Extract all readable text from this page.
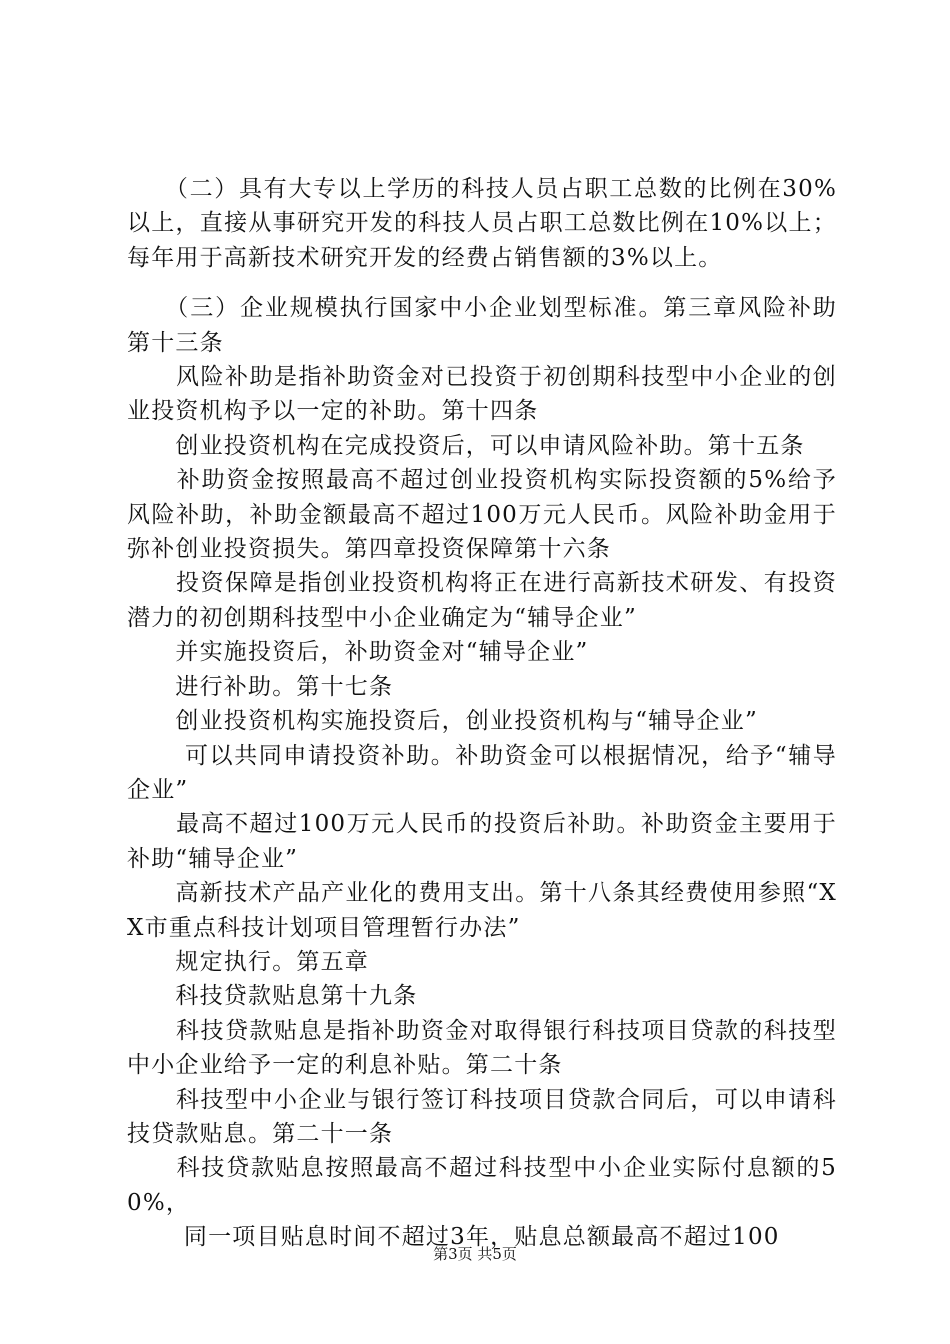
　　（二）具有大专以上学历的科技人员占职工总数的比例在30%以上，直接从事研究开发的科技人员占职工总数比例在10%以上；每年用于高新技术研究开发的经费占销售额的3%以上。

　　（三）企业规模执行国家中小企业划型标准。第三章风险补助第十三条

　　风险补助是指补助资金对已投资于初创期科技型中小企业的创业投资机构予以一定的补助。第十四条

　　创业投资机构在完成投资后，可以申请风险补助。第十五条

　　补助资金按照最高不超过创业投资机构实际投资额的5%给予风险补助，补助金额最高不超过100万元人民币。风险补助金用于弥补创业投资损失。第四章投资保障第十六条

　　投资保障是指创业投资机构将正在进行高新技术研发、有投资潜力的初创期科技型中小企业确定为“辅导企业”

　　并实施投资后，补助资金对“辅导企业”

　　进行补助。第十七条

　　创业投资机构实施投资后，创业投资机构与“辅导企业”

　　 可以共同申请投资补助。补助资金可以根据情况，给予“辅导企业”

　　最高不超过100万元人民币的投资后补助。补助资金主要用于补助“辅导企业”

　　高新技术产品产业化的费用支出。第十八条其经费使用参照“XX市重点科技计划项目管理暂行办法”

　　规定执行。第五章

　　科技贷款贴息第十九条

　　科技贷款贴息是指补助资金对取得银行科技项目贷款的科技型中小企业给予一定的利息补贴。第二十条

　　科技型中小企业与银行签订科技项目贷款合同后，可以申请科技贷款贴息。第二十一条

　　科技贷款贴息按照最高不超过科技型中小企业实际付息额的50%，

　　 同一项目贴息时间不超过3年，贴息总额最高不超过100

第3页 共5页
